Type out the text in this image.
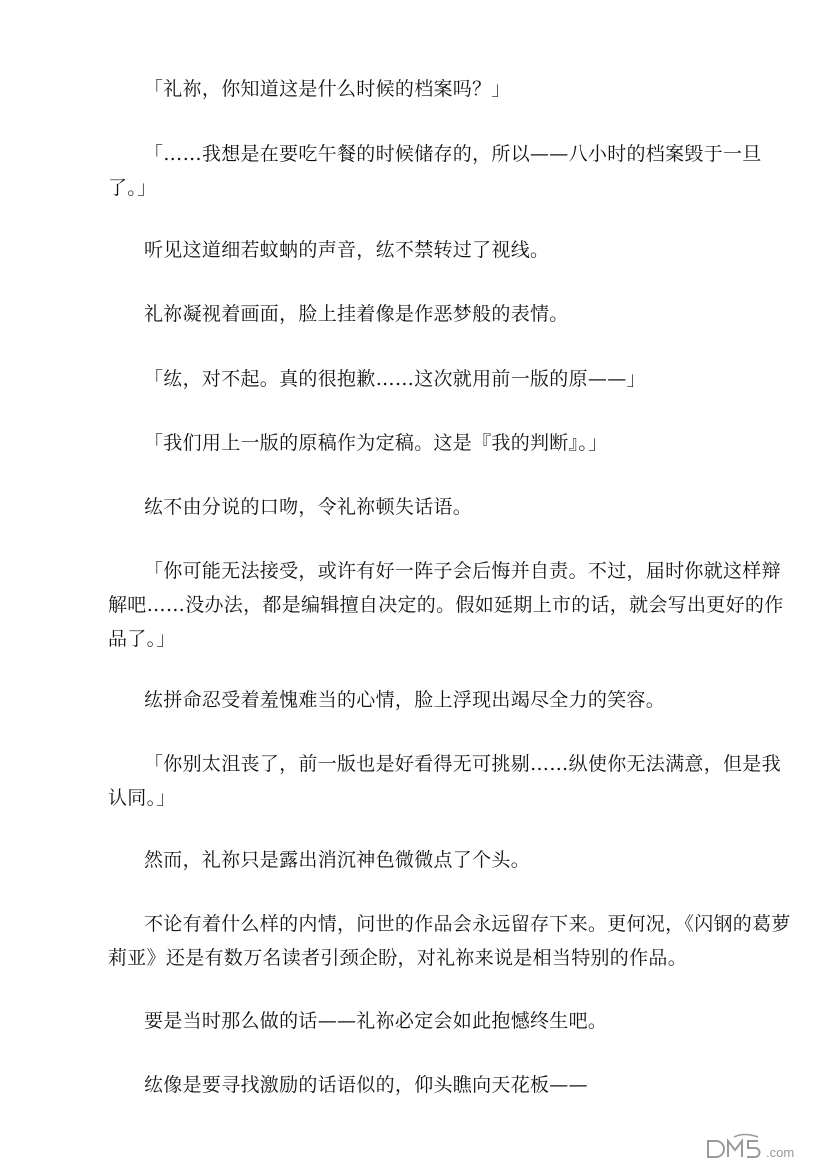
「礼祢，你知道这是什么时候的档案吗？」

「……我想是在要吃午餐的时候储存的，所以——八小时的档案毁于一旦了。」

听见这道细若蚊蚋的声音，纮不禁转过了视线。

礼祢凝视着画面，脸上挂着像是作恶梦般的表情。

「纮，对不起。真的很抱歉……这次就用前一版的原——」

「我们用上一版的原稿作为定稿。这是『我的判断』。」

纮不由分说的口吻，令礼祢顿失话语。

「你可能无法接受，或许有好一阵子会后悔并自责。不过，届时你就这样辩解吧……没办法，都是编辑擅自决定的。假如延期上市的话，就会写出更好的作品了。」

纮拼命忍受着羞愧难当的心情，脸上浮现出竭尽全力的笑容。

「你别太沮丧了，前一版也是好看得无可挑剔……纵使你无法满意，但是我认同。」

然而，礼祢只是露出消沉神色微微点了个头。

不论有着什么样的内情，问世的作品会永远留存下来。更何况，《闪钢的葛萝莉亚》还是有数万名读者引颈企盼，对礼祢来说是相当特别的作品。

要是当时那么做的话——礼祢必定会如此抱憾终生吧。

纮像是要寻找激励的话语似的，仰头瞧向天花板——

.com
